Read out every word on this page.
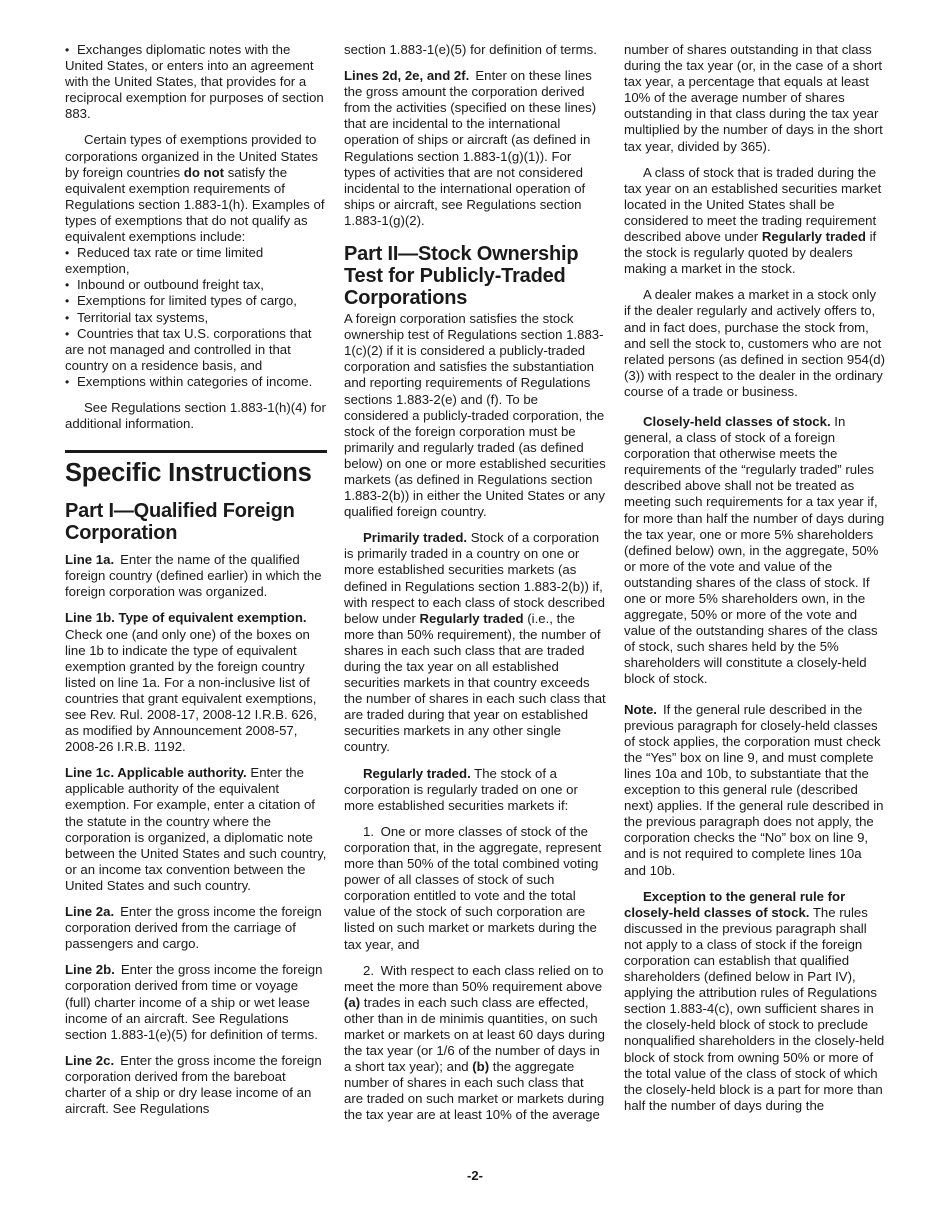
• Exchanges diplomatic notes with the United States, or enters into an agreement with the United States, that provides for a reciprocal exemption for purposes of section 883.

Certain types of exemptions provided to corporations organized in the United States by foreign countries do not satisfy the equivalent exemption requirements of Regulations section 1.883-1(h). Examples of types of exemptions that do not qualify as equivalent exemptions include:

• Reduced tax rate or time limited exemption,

• Inbound or outbound freight tax,

• Exemptions for limited types of cargo,

• Territorial tax systems,

• Countries that tax U.S. corporations that are not managed and controlled in that country on a residence basis, and

• Exemptions within categories of income.

See Regulations section 1.883-1(h)(4) for additional information.

Specific Instructions
Part I—Qualified Foreign Corporation

Line 1a. Enter the name of the qualified foreign country (defined earlier) in which the foreign corporation was organized.

Line 1b. Type of equivalent exemption. Check one (and only one) of the boxes on line 1b to indicate the type of equivalent exemption granted by the foreign country listed on line 1a. For a non-inclusive list of countries that grant equivalent exemptions, see Rev. Rul. 2008-17, 2008-12 I.R.B. 626, as modified by Announcement 2008-57, 2008-26 I.R.B. 1192.

Line 1c. Applicable authority. Enter the applicable authority of the equivalent exemption. For example, enter a citation of the statute in the country where the corporation is organized, a diplomatic note between the United States and such country, or an income tax convention between the United States and such country.

Line 2a. Enter the gross income the foreign corporation derived from the carriage of passengers and cargo.

Line 2b. Enter the gross income the foreign corporation derived from time or voyage (full) charter income of a ship or wet lease income of an aircraft. See Regulations section 1.883-1(e)(5) for definition of terms.

Line 2c. Enter the gross income the foreign corporation derived from the bareboat charter of a ship or dry lease income of an aircraft. See Regulations

section 1.883-1(e)(5) for definition of terms.

Lines 2d, 2e, and 2f. Enter on these lines the gross amount the corporation derived from the activities (specified on these lines) that are incidental to the international operation of ships or aircraft (as defined in Regulations section 1.883-1(g)(1)). For types of activities that are not considered incidental to the international operation of ships or aircraft, see Regulations section 1.883-1(g)(2).

Part II—Stock Ownership Test for Publicly-Traded Corporations

A foreign corporation satisfies the stock ownership test of Regulations section 1.883-1(c)(2) if it is considered a publicly-traded corporation and satisfies the substantiation and reporting requirements of Regulations sections 1.883-2(e) and (f). To be considered a publicly-traded corporation, the stock of the foreign corporation must be primarily and regularly traded (as defined below) on one or more established securities markets (as defined in Regulations section 1.883-2(b)) in either the United States or any qualified foreign country.

Primarily traded. Stock of a corporation is primarily traded in a country on one or more established securities markets (as defined in Regulations section 1.883-2(b)) if, with respect to each class of stock described below under Regularly traded (i.e., the more than 50% requirement), the number of shares in each such class that are traded during the tax year on all established securities markets in that country exceeds the number of shares in each such class that are traded during that year on established securities markets in any other single country.

Regularly traded. The stock of a corporation is regularly traded on one or more established securities markets if:

1. One or more classes of stock of the corporation that, in the aggregate, represent more than 50% of the total combined voting power of all classes of stock of such corporation entitled to vote and the total value of the stock of such corporation are listed on such market or markets during the tax year, and

2. With respect to each class relied on to meet the more than 50% requirement above (a) trades in each such class are effected, other than in de minimis quantities, on such market or markets on at least 60 days during the tax year (or 1/6 of the number of days in a short tax year); and (b) the aggregate number of shares in each such class that are traded on such market or markets during the tax year are at least 10% of the average

number of shares outstanding in that class during the tax year (or, in the case of a short tax year, a percentage that equals at least 10% of the average number of shares outstanding in that class during the tax year multiplied by the number of days in the short tax year, divided by 365).

A class of stock that is traded during the tax year on an established securities market located in the United States shall be considered to meet the trading requirement described above under Regularly traded if the stock is regularly quoted by dealers making a market in the stock.

A dealer makes a market in a stock only if the dealer regularly and actively offers to, and in fact does, purchase the stock from, and sell the stock to, customers who are not related persons (as defined in section 954(d)(3)) with respect to the dealer in the ordinary course of a trade or business.

Closely-held classes of stock. In general, a class of stock of a foreign corporation that otherwise meets the requirements of the “regularly traded” rules described above shall not be treated as meeting such requirements for a tax year if, for more than half the number of days during the tax year, one or more 5% shareholders (defined below) own, in the aggregate, 50% or more of the vote and value of the outstanding shares of the class of stock. If one or more 5% shareholders own, in the aggregate, 50% or more of the vote and value of the outstanding shares of the class of stock, such shares held by the 5% shareholders will constitute a closely-held block of stock.

Note. If the general rule described in the previous paragraph for closely-held classes of stock applies, the corporation must check the “Yes” box on line 9, and must complete lines 10a and 10b, to substantiate that the exception to this general rule (described next) applies. If the general rule described in the previous paragraph does not apply, the corporation checks the “No” box on line 9, and is not required to complete lines 10a and 10b.

Exception to the general rule for closely-held classes of stock. The rules discussed in the previous paragraph shall not apply to a class of stock if the foreign corporation can establish that qualified shareholders (defined below in Part IV), applying the attribution rules of Regulations section 1.883-4(c), own sufficient shares in the closely-held block of stock to preclude nonqualified shareholders in the closely-held block of stock from owning 50% or more of the total value of the class of stock of which the closely-held block is a part for more than half the number of days during the

-2-
